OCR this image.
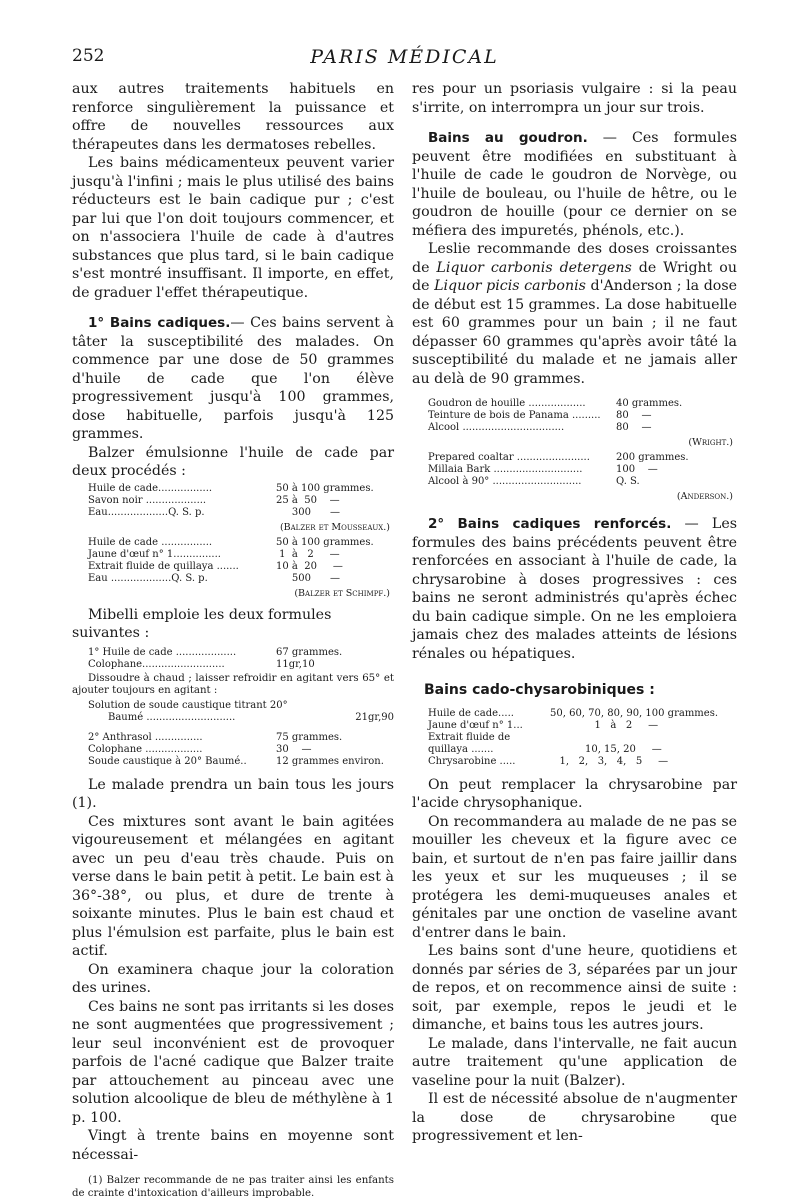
252	PARIS MÉDICAL

aux autres traitements habituels en renforce singulièrement la puissance et offre de nouvelles ressources aux thérapeutes dans les dermatoses rebelles.

Les bains médicamenteux peuvent varier jusqu'à l'infini ; mais le plus utilisé des bains réducteurs est le bain cadique pur ; c'est par lui que l'on doit toujours commencer, et on n'associera l'huile de cade à d'autres substances que plus tard, si le bain cadique s'est montré insuffisant. Il importe, en effet, de graduer l'effet thérapeutique.

1° Bains cadiques.— Ces bains servent à tâter la susceptibilité des malades. On commence par une dose de 50 grammes d'huile de cade que l'on élève progressivement jusqu'à 100 grammes, dose habituelle, parfois jusqu'à 125 grammes.

Balzer émulsionne l'huile de cade par deux procédés :

Huile de cade.................	50 à 100 grammes.
Savon noir ...................	25 à  50    —
Eau...................Q. S. p.	300      —
(Balzer et Mousseaux.)
Huile de cade ................	50 à 100 grammes.
Jaune d'œuf n° 1...............	1  à   2     —
Extrait fluide de quillaya .......	10 à  20     —
Eau ...................Q. S. p.	500      —
(Balzer et Schimpf.)

Mibelli emploie les deux formules suivantes :

1° Huile de cade ...................	67 grammes.
Colophane..........................	11gr,10

Dissoudre à chaud ; laisser refroidir en agitant vers 65° et ajouter toujours en agitant :

Solution de soude caustique titrant 20°	
Baumé ............................	21gr,90
2° Anthrasol ...............	75 grammes.
Colophane ..................	30    —
Soude caustique à 20° Baumé..	12 grammes environ.

Le malade prendra un bain tous les jours (1).

Ces mixtures sont avant le bain agitées vigoureusement et mélangées en agitant avec un peu d'eau très chaude. Puis on verse dans le bain petit à petit. Le bain est à 36°-38°, ou plus, et dure de trente à soixante minutes. Plus le bain est chaud et plus l'émulsion est parfaite, plus le bain est actif.

On examinera chaque jour la coloration des urines.

Ces bains ne sont pas irritants si les doses ne sont augmentées que progressivement ; leur seul inconvénient est de provoquer parfois de l'acné cadique que Balzer traite par attouchement au pinceau avec une solution alcoolique de bleu de méthylène à 1 p. 100.

Vingt à trente bains en moyenne sont nécessai-

(1) Balzer recommande de ne pas traiter ainsi les enfants de crainte d'intoxication d'ailleurs improbable.

res pour un psoriasis vulgaire : si la peau s'irrite, on interrompra un jour sur trois.

Bains au goudron. — Ces formules peuvent être modifiées en substituant à l'huile de cade le goudron de Norvège, ou l'huile de bouleau, ou l'huile de hêtre, ou le goudron de houille (pour ce dernier on se méfiera des impuretés, phénols, etc.).

Leslie recommande des doses croissantes de Liquor carbonis detergens de Wright ou de Liquor picis carbonis d'Anderson ; la dose de début est 15 grammes. La dose habituelle est 60 grammes pour un bain ; il ne faut dépasser 60 grammes qu'après avoir tâté la susceptibilité du malade et ne jamais aller au delà de 90 grammes.

Goudron de houille ..................	40 grammes.
Teinture de bois de Panama .........	80    —
Alcool ................................	80    —
(Wright.)
Prepared coaltar .......................	200 grammes.
Millaia Bark ............................	100    —
Alcool à 90° ............................	Q. S.
(Anderson.)

2° Bains cadiques renforcés. — Les formules des bains précédents peuvent être renforcées en associant à l'huile de cade, la chrysarobine à doses progressives : ces bains ne seront administrés qu'après échec du bain cadique simple. On ne les emploiera jamais chez des malades atteints de lésions rénales ou hépatiques.

Bains cado-chysarobiniques :
Huile de cade.....	50, 60, 70, 80, 90, 100 grammes.
Jaune d'œuf n° 1...	1   à   2     —
Extrait fluide de	
quillaya .......	10, 15, 20     —
Chrysarobine .....	1,   2,   3,   4,   5     —

On peut remplacer la chrysarobine par l'acide chrysophanique.

On recommandera au malade de ne pas se mouiller les cheveux et la figure avec ce bain, et surtout de n'en pas faire jaillir dans les yeux et sur les muqueuses ; il se protégera les demi-muqueuses anales et génitales par une onction de vaseline avant d'entrer dans le bain.

Les bains sont d'une heure, quotidiens et donnés par séries de 3, séparées par un jour de repos, et on recommence ainsi de suite : soit, par exemple, repos le jeudi et le dimanche, et bains tous les autres jours.

Le malade, dans l'intervalle, ne fait aucun autre traitement qu'une application de vaseline pour la nuit (Balzer).

Il est de nécessité absolue de n'augmenter la dose de chrysarobine que progressivement et len-
